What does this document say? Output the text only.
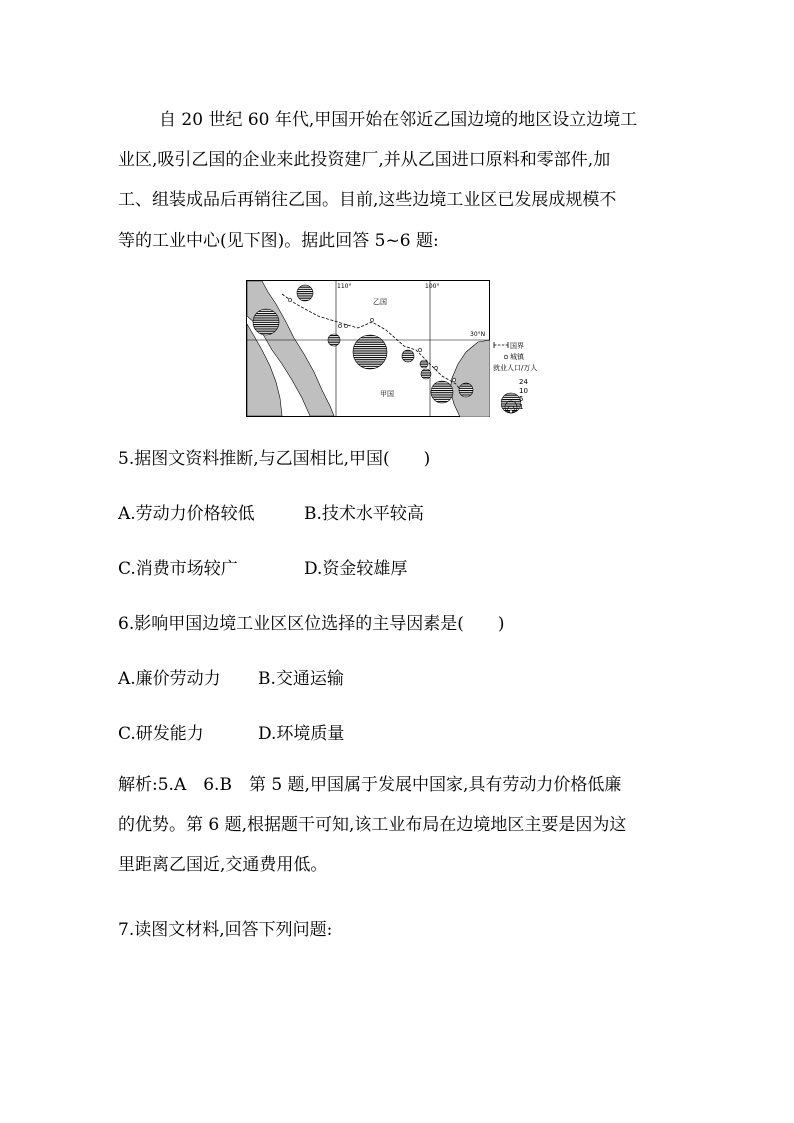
自 20 世纪 60 年代,甲国开始在邻近乙国边境的地区设立边境工

业区,吸引乙国的企业来此投资建厂,并从乙国进口原料和零部件,加

工、组装成品后再销往乙国。目前,这些边境工业区已发展成规模不

等的工业中心(见下图)。据此回答 5~6 题:

110°	100°
30°N
乙国
甲国
国界
城镇
就业人口/万人
24
10
5
1

5.据图文资料推断,与乙国相比,甲国(　　)

A.劳动力价格较低	B.技术水平较高

C.消费市场较广	D.资金较雄厚

6.影响甲国边境工业区区位选择的主导因素是(　　)

A.廉价劳动力 B.交通运输

C.研发能力	D.环境质量

解析:5.A　6.B　第 5 题,甲国属于发展中国家,具有劳动力价格低廉

的优势。第 6 题,根据题干可知,该工业布局在边境地区主要是因为这

里距离乙国近,交通费用低。

7.读图文材料,回答下列问题:
